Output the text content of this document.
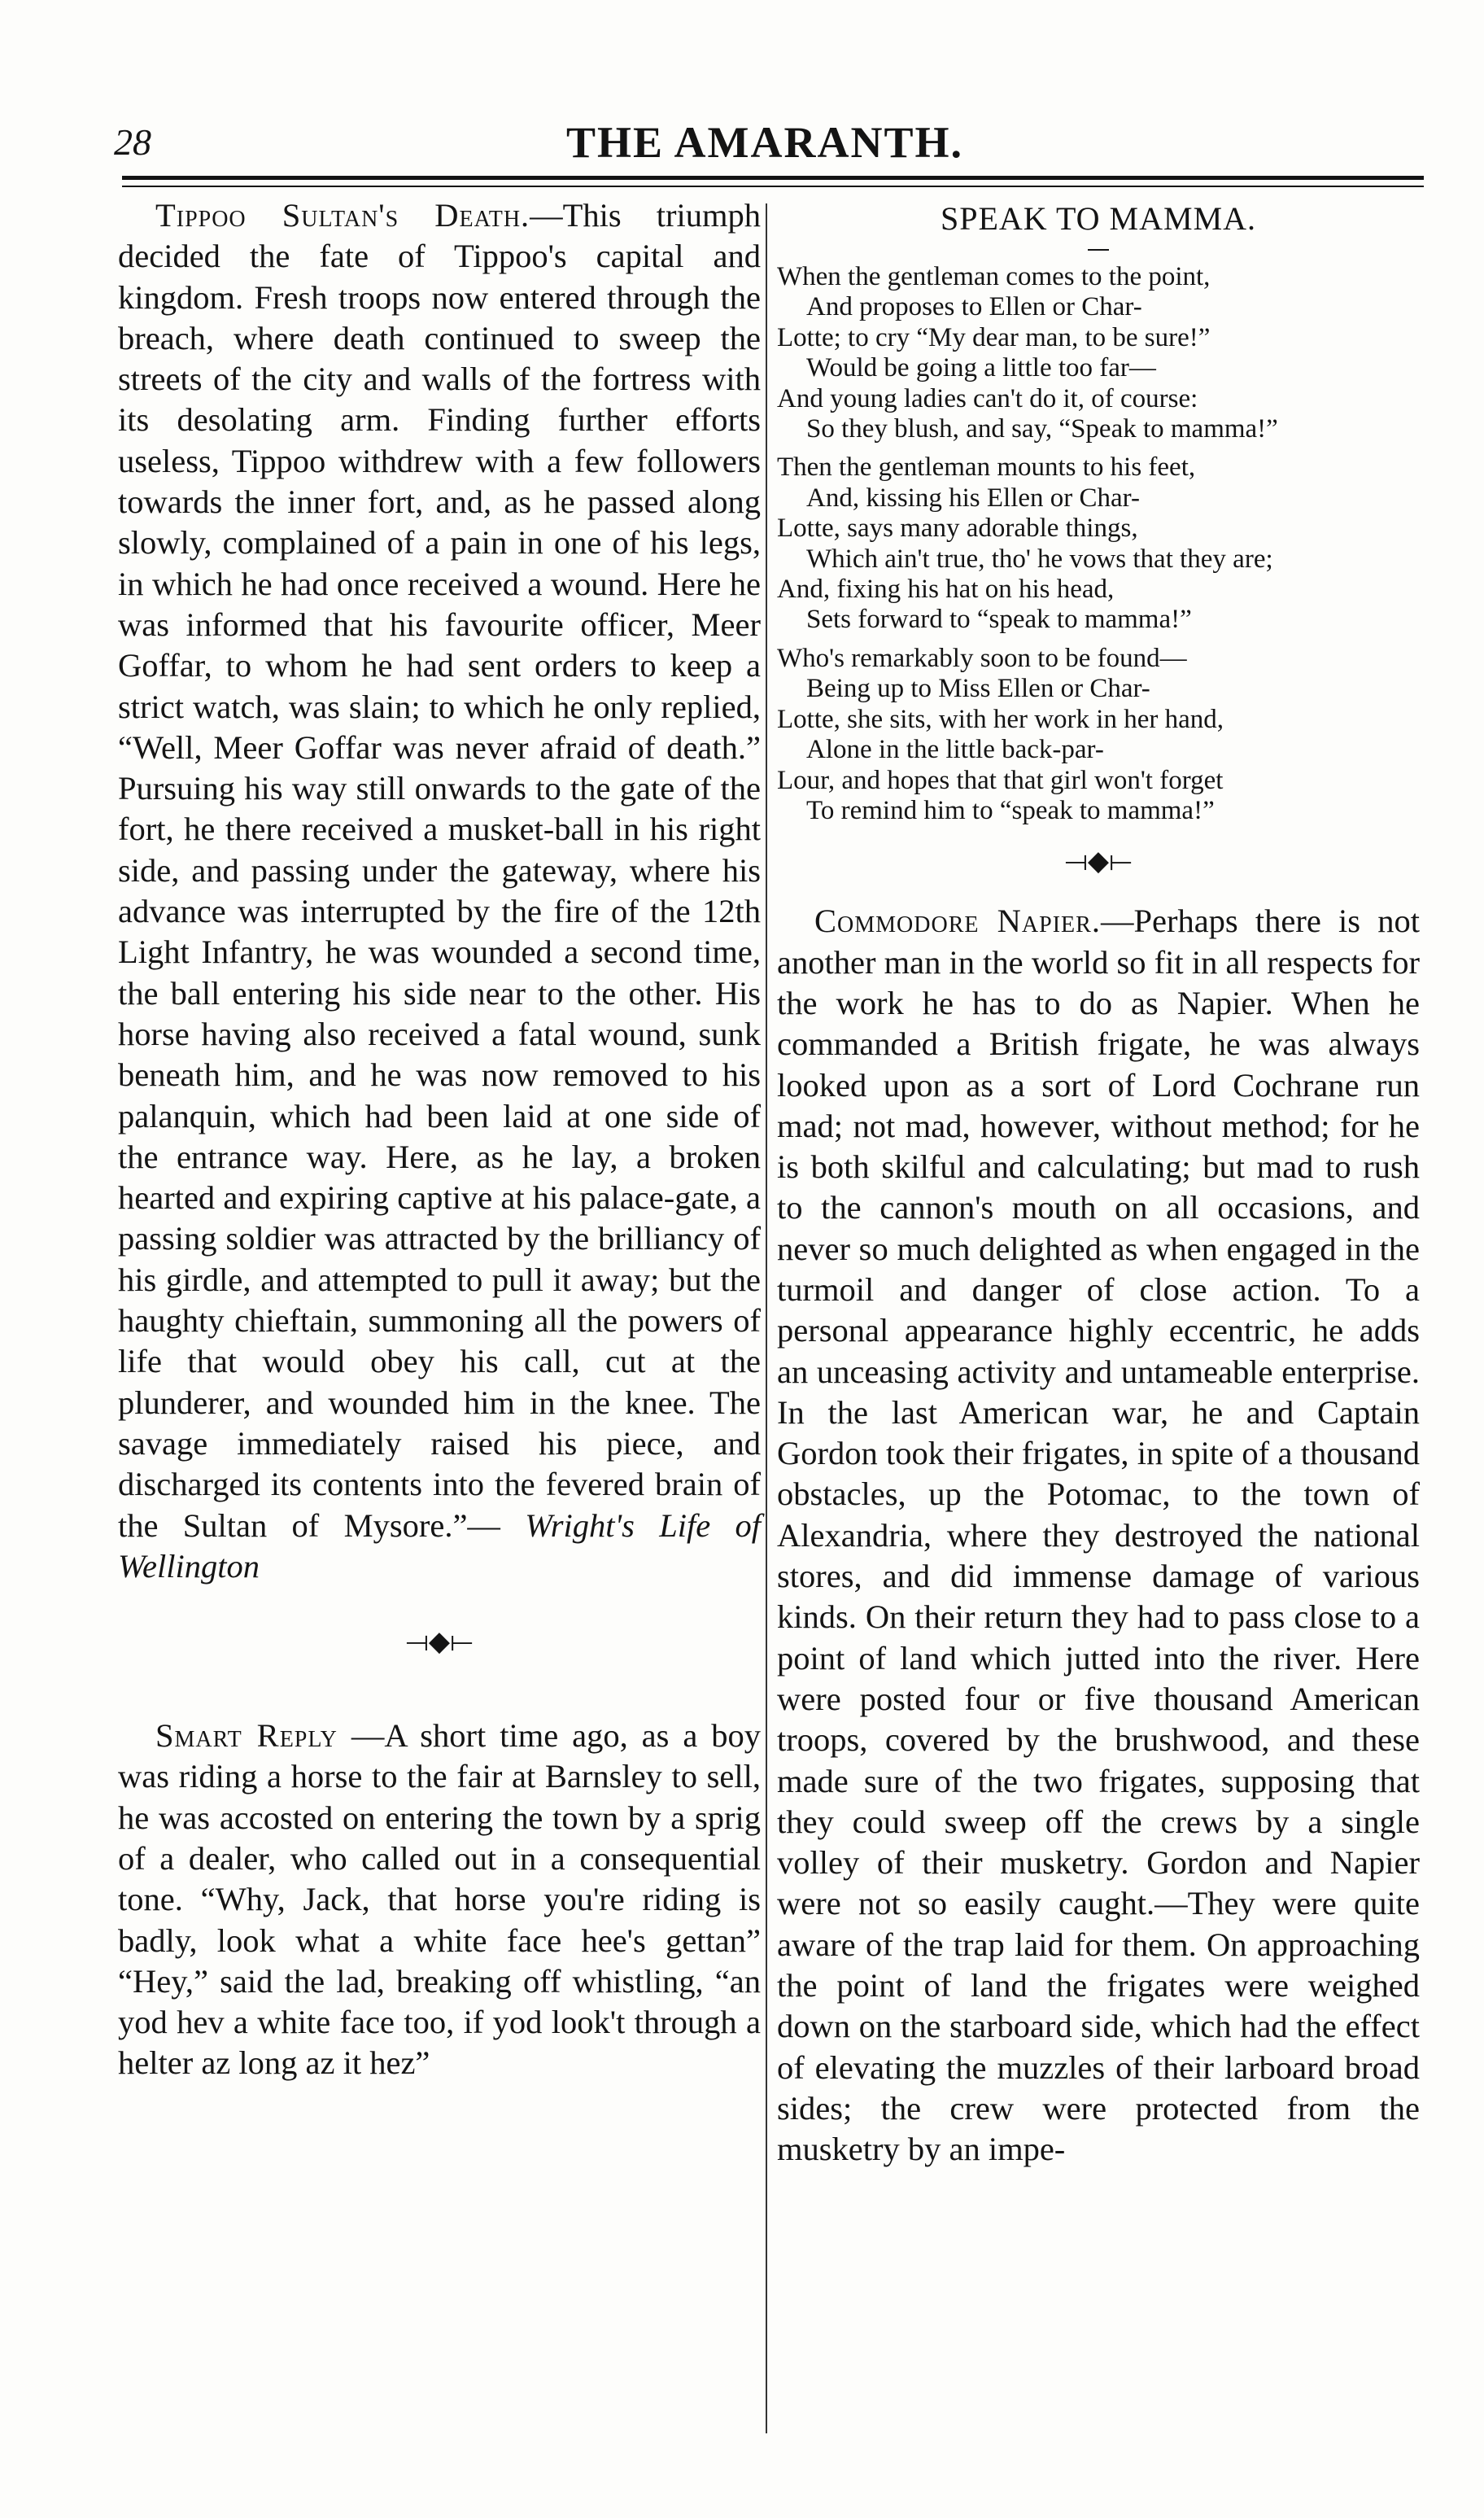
28	THE AMARANTH.

Tippoo Sultan's Death.—This triumph decided the fate of Tippoo's capital and kingdom. Fresh troops now entered through the breach, where death continued to sweep the streets of the city and walls of the fortress with its desolating arm. Finding further efforts useless, Tippoo withdrew with a few followers towards the inner fort, and, as he passed along slowly, complained of a pain in one of his legs, in which he had once received a wound. Here he was informed that his favourite officer, Meer Goffar, to whom he had sent orders to keep a strict watch, was slain; to which he only replied, “Well, Meer Goffar was never afraid of death.” Pursuing his way still onwards to the gate of the fort, he there received a musket-ball in his right side, and passing under the gateway, where his advance was interrupted by the fire of the 12th Light Infantry, he was wounded a second time, the ball entering his side near to the other. His horse having also received a fatal wound, sunk beneath him, and he was now removed to his palanquin, which had been laid at one side of the entrance way. Here, as he lay, a broken hearted and expiring captive at his palace-gate, a passing soldier was attracted by the brilliancy of his girdle, and attempted to pull it away; but the haughty chieftain, summoning all the powers of life that would obey his call, cut at the plunderer, and wounded him in the knee. The savage immediately raised his piece, and discharged its contents into the fevered brain of the Sultan of Mysore.”— Wright's Life of Wellington

⟞◆⟝

Smart Reply —A short time ago, as a boy was riding a horse to the fair at Barnsley to sell, he was accosted on entering the town by a sprig of a dealer, who called out in a consequential tone. “Why, Jack, that horse you're riding is badly, look what a white face hee's gettan” “Hey,” said the lad, breaking off whistling, “an yod hev a white face too, if yod look't through a helter az long az it hez”

SPEAK TO MAMMA.

When the gentleman comes to the point,
And proposes to Ellen or Char-
Lotte; to cry “My dear man, to be sure!”
Would be going a little too far—
And young ladies can't do it, of course:
So they blush, and say, “Speak to mamma!”
Then the gentleman mounts to his feet,
And, kissing his Ellen or Char-
Lotte, says many adorable things,
Which ain't true, tho' he vows that they are;
And, fixing his hat on his head,
Sets forward to “speak to mamma!”
Who's remarkably soon to be found—
Being up to Miss Ellen or Char-
Lotte, she sits, with her work in her hand,
Alone in the little back-par-
Lour, and hopes that that girl won't forget
To remind him to “speak to mamma!”

⟞◆⟝

Commodore Napier.—Perhaps there is not another man in the world so fit in all respects for the work he has to do as Napier. When he commanded a British frigate, he was always looked upon as a sort of Lord Cochrane run mad; not mad, however, without method; for he is both skilful and calculating; but mad to rush to the cannon's mouth on all occasions, and never so much delighted as when engaged in the turmoil and danger of close action. To a personal appearance highly eccentric, he adds an unceasing activity and untameable enterprise. In the last American war, he and Captain Gordon took their frigates, in spite of a thousand obstacles, up the Potomac, to the town of Alexandria, where they destroyed the national stores, and did immense damage of various kinds. On their return they had to pass close to a point of land which jutted into the river. Here were posted four or five thousand American troops, covered by the brushwood, and these made sure of the two frigates, supposing that they could sweep off the crews by a single volley of their musketry. Gordon and Napier were not so easily caught.—They were quite aware of the trap laid for them. On approaching the point of land the frigates were weighed down on the starboard side, which had the effect of elevating the muzzles of their larboard broad sides; the crew were protected from the musketry by an impe-
